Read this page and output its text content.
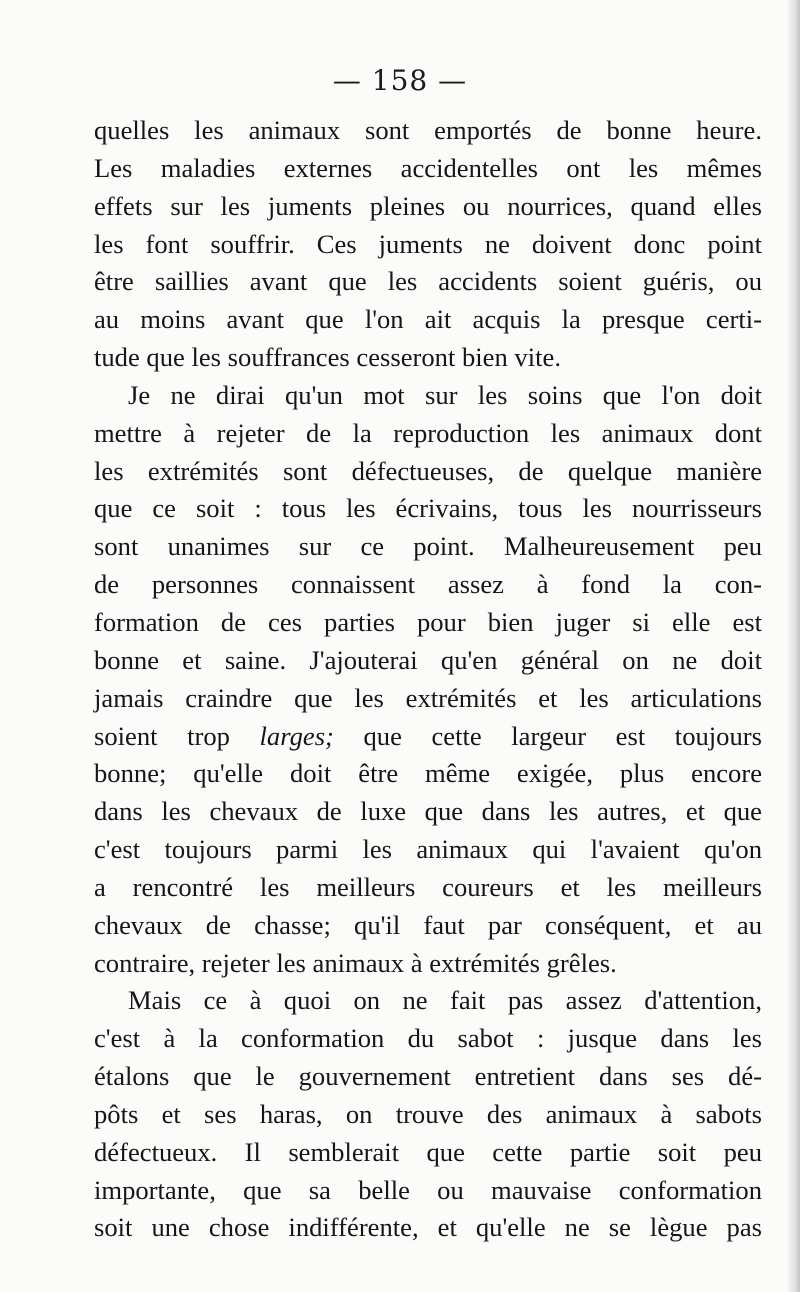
— 158 —
quelles les animaux sont emportés de bonne heure.
Les maladies externes accidentelles ont les mêmes
effets sur les juments pleines ou nourrices, quand elles
les font souffrir. Ces juments ne doivent donc point
être saillies avant que les accidents soient guéris, ou
au moins avant que l'on ait acquis la presque certi-
tude que les souffrances cesseront bien vite.
Je ne dirai qu'un mot sur les soins que l'on doit
mettre à rejeter de la reproduction les animaux dont
les extrémités sont défectueuses, de quelque manière
que ce soit : tous les écrivains, tous les nourrisseurs
sont unanimes sur ce point. Malheureusement peu
de personnes connaissent assez à fond la con-
formation de ces parties pour bien juger si elle est
bonne et saine. J'ajouterai qu'en général on ne doit
jamais craindre que les extrémités et les articulations
soient trop larges; que cette largeur est toujours
bonne; qu'elle doit être même exigée, plus encore
dans les chevaux de luxe que dans les autres, et que
c'est toujours parmi les animaux qui l'avaient qu'on
a rencontré les meilleurs coureurs et les meilleurs
chevaux de chasse; qu'il faut par conséquent, et au
contraire, rejeter les animaux à extrémités grêles.
Mais ce à quoi on ne fait pas assez d'attention,
c'est à la conformation du sabot : jusque dans les
étalons que le gouvernement entretient dans ses dé-
pôts et ses haras, on trouve des animaux à sabots
défectueux. Il semblerait que cette partie soit peu
importante, que sa belle ou mauvaise conformation
soit une chose indifférente, et qu'elle ne se lègue pas
